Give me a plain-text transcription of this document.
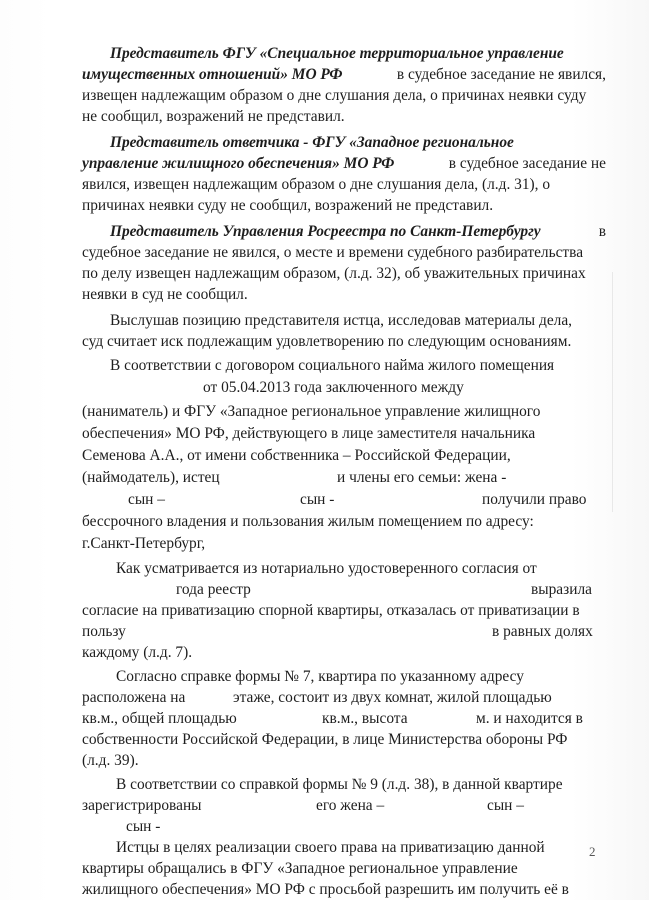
Представитель ФГУ «Специальное территориальное управление
имущественных отношений» МО РФ	в судебное заседание не явился,
извещен надлежащим образом о дне слушания дела, о причинах неявки суду
не сообщил, возражений не представил.
Представитель ответчика - ФГУ «Западное региональное
управление жилищного обеспечения» МО РФ	в судебное заседание не
явился, извещен надлежащим образом о дне слушания дела, (л.д. 31), о
причинах неявки суду не сообщил, возражений не представил.
Представитель Управления Росреестра по Санкт-Петербургу	в
судебное заседание не явился, о месте и времени судебного разбирательства
по делу извещен надлежащим образом, (л.д. 32), об уважительных причинах
неявки в суд не сообщил.
Выслушав позицию представителя истца, исследовав материалы дела,
суд считает иск подлежащим удовлетворению по следующим основаниям.
В соответствии с договором социального найма жилого помещения
от 05.04.2013 года заключенного между
(наниматель) и ФГУ «Западное региональное управление жилищного
обеспечения» МО РФ, действующего в лице заместителя начальника
Семенова А.А., от имени собственника – Российской Федерации,
(наймодатель), истец	и члены его семьи: жена -
сын –	сын -	получили право
бессрочного владения и пользования жилым помещением по адресу:
г.Санкт-Петербург,
Как усматривается из нотариально удостоверенного согласия от
года реестр	выразила
согласие на приватизацию спорной квартиры, отказалась от приватизации в
пользу	в равных долях
каждому (л.д. 7).
Согласно справке формы № 7, квартира по указанному адресу
расположена на	этаже, состоит из двух комнат, жилой площадью
кв.м., общей площадью	кв.м., высота	м. и находится в
собственности Российской Федерации, в лице Министерства обороны РФ
(л.д. 39).
В соответствии со справкой формы № 9 (л.д. 38), в данной квартире
зарегистрированы	его жена –	сын –
сын -
Истцы в целях реализации своего права на приватизацию данной
квартиры обращались в ФГУ «Западное региональное управление
жилищного обеспечения» МО РФ с просьбой разрешить им получить её в
2
